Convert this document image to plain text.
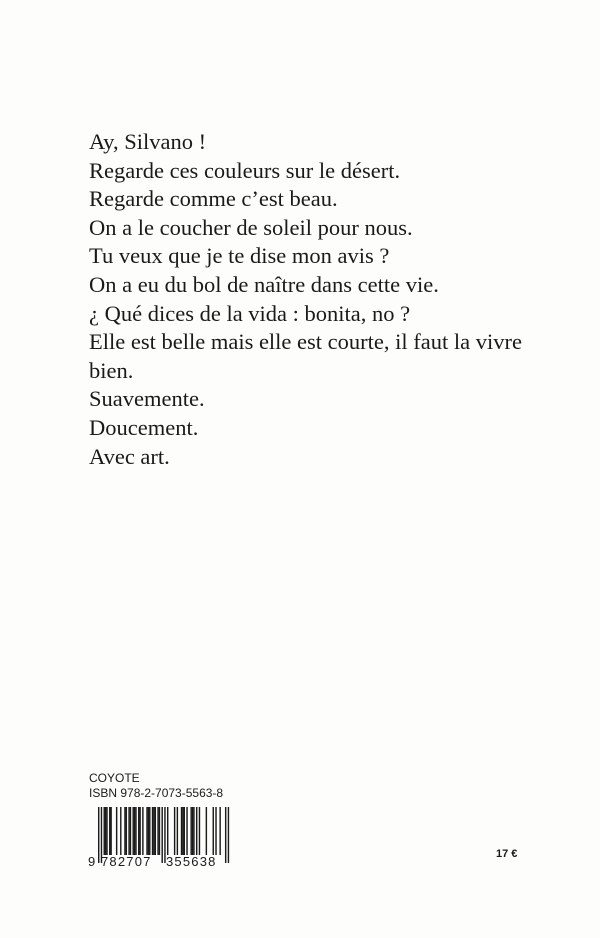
Ay, Silvano !
Regarde ces couleurs sur le désert.
Regarde comme c’est beau.
On a le coucher de soleil pour nous.
Tu veux que je te dise mon avis ?
On a eu du bol de naître dans cette vie.
¿ Qué dices de la vida : bonita, no ?
Elle est belle mais elle est courte, il faut la vivre
bien.
Suavemente.
Doucement.
Avec art.
COYOTE
ISBN 978-2-7073-5563-8
9 782707 355638	17 €
